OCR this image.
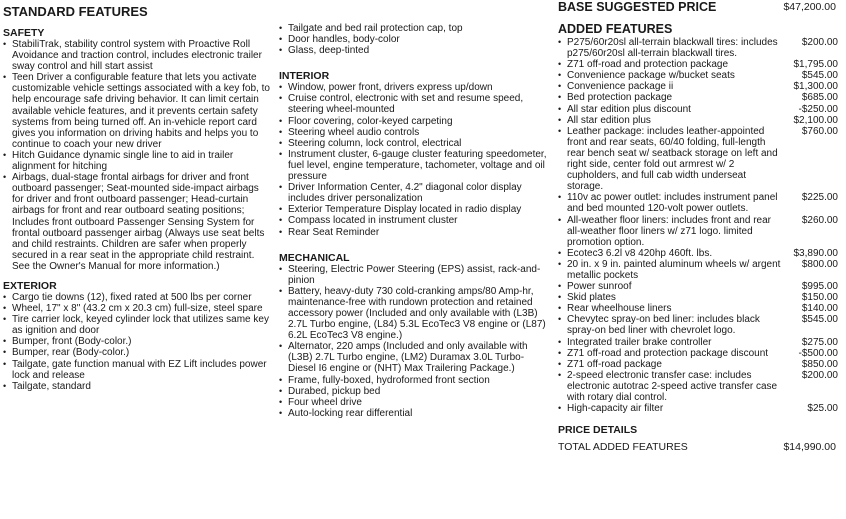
STANDARD FEATURES
SAFETY
• StabiliTrak, stability control system with Proactive Roll Avoidance and traction control, includes electronic trailer sway control and hill start assist
• Teen Driver a configurable feature that lets you activate customizable vehicle settings associated with a key fob, to help encourage safe driving behavior. It can limit certain available vehicle features, and it prevents certain safety systems from being turned off. An in-vehicle report card gives you information on driving habits and helps you to continue to coach your new driver
• Hitch Guidance dynamic single line to aid in trailer alignment for hitching
• Airbags, dual-stage frontal airbags for driver and front outboard passenger; Seat-mounted side-impact airbags for driver and front outboard passenger; Head-curtain airbags for front and rear outboard seating positions; Includes front outboard Passenger Sensing System for frontal outboard passenger airbag (Always use seat belts and child restraints. Children are safer when properly secured in a rear seat in the appropriate child restraint. See the Owner's Manual for more information.)
EXTERIOR
• Cargo tie downs (12), fixed rated at 500 lbs per corner
• Wheel, 17" x 8" (43.2 cm x 20.3 cm) full-size, steel spare
• Tire carrier lock, keyed cylinder lock that utilizes same key as ignition and door
• Bumper, front (Body-color.)
• Bumper, rear (Body-color.)
• Tailgate, gate function manual with EZ Lift includes power lock and release
• Tailgate, standard
• Tailgate and bed rail protection cap, top
• Door handles, body-color
• Glass, deep-tinted
INTERIOR
• Window, power front, drivers express up/down
• Cruise control, electronic with set and resume speed, steering wheel-mounted
• Floor covering, color-keyed carpeting
• Steering wheel audio controls
• Steering column, lock control, electrical
• Instrument cluster, 6-gauge cluster featuring speedometer, fuel level, engine temperature, tachometer, voltage and oil pressure
• Driver Information Center, 4.2" diagonal color display includes driver personalization
• Exterior Temperature Display located in radio display
• Compass located in instrument cluster
• Rear Seat Reminder
MECHANICAL
• Steering, Electric Power Steering (EPS) assist, rack-and-pinion
• Battery, heavy-duty 730 cold-cranking amps/80 Amp-hr, maintenance-free with rundown protection and retained accessory power (Included and only available with (L3B) 2.7L Turbo engine, (L84) 5.3L EcoTec3 V8 engine or (L87) 6.2L EcoTec3 V8 engine.)
• Alternator, 220 amps (Included and only available with (L3B) 2.7L Turbo engine, (LM2) Duramax 3.0L Turbo-Diesel I6 engine or (NHT) Max Trailering Package.)
• Frame, fully-boxed, hydroformed front section
• Durabed, pickup bed
• Four wheel drive
• Auto-locking rear differential
BASE SUGGESTED PRICE	$47,200.00
ADDED FEATURES
• P275/60r20sl all-terrain blackwall tires: includes p275/60r20sl all-terrain blackwall tires.
$200.00
• Z71 off-road and protection package	$1,795.00
• Convenience package w/bucket seats	$545.00
• Convenience package ii	$1,300.00
• Bed protection package	$685.00
• All star edition plus discount	-$250.00
• All star edition plus	$2,100.00
• Leather package: includes leather-appointed front and rear seats, 60/40 folding, full-length rear bench seat w/ seatback storage on left and right side, center fold out armrest w/ 2 cupholders, and full cab width underseat storage.
$760.00
• 110v ac power outlet: includes instrument panel and bed mounted 120-volt power outlets.
$225.00
• All-weather floor liners: includes front and rear all-weather floor liners w/ z71 logo. limited promotion option.
$260.00
• Ecotec3 6.2l v8 420hp 460ft. lbs.	$3,890.00
• 20 in. x 9 in. painted aluminum wheels w/ argent metallic pockets
$800.00
• Power sunroof	$995.00
• Skid plates	$150.00
• Rear wheelhouse liners	$140.00
• Chevytec spray-on bed liner: includes black spray-on bed liner with chevrolet logo.
$545.00
• Integrated trailer brake controller	$275.00
• Z71 off-road and protection package discount	-$500.00
• Z71 off-road package	$850.00
• 2-speed electronic transfer case: includes electronic autotrac 2-speed active transfer case with rotary dial control.
$200.00
• High-capacity air filter	$25.00
PRICE DETAILS
TOTAL ADDED FEATURES	$14,990.00
